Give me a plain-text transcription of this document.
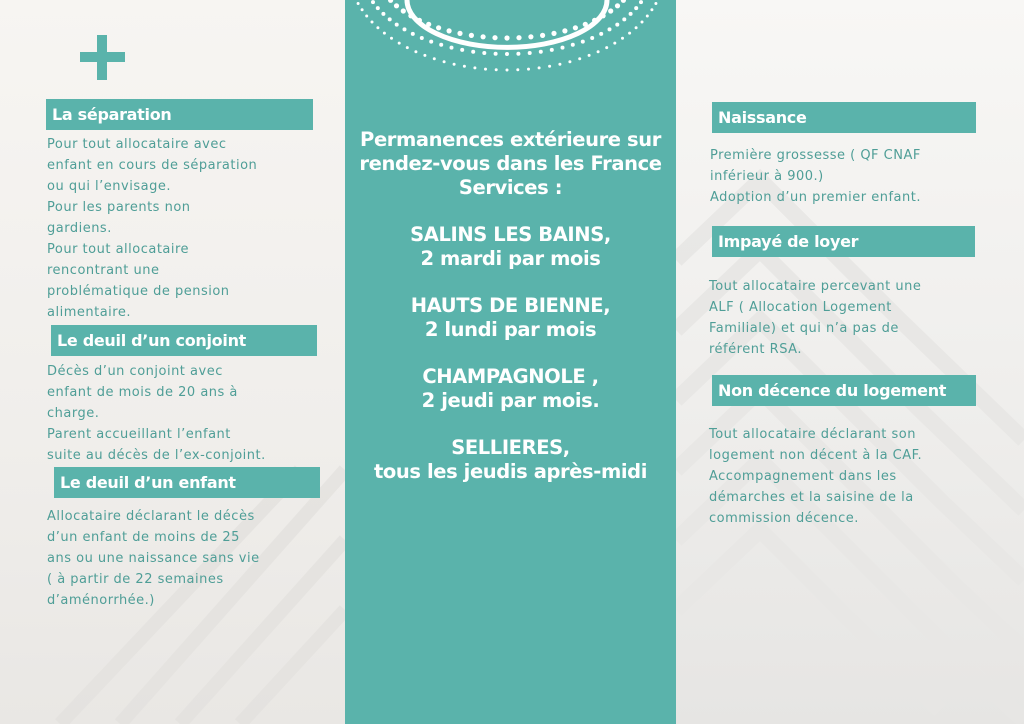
Permanences extérieure sur
rendez-vous dans les France
Services :
SALINS LES BAINS,
2 mardi par mois
HAUTS DE BIENNE,
2 lundi par mois
CHAMPAGNOLE ,
2 jeudi par mois.
SELLIERES,
tous les jeudis après-midi
La séparation

Pour tout allocataire avec
enfant en cours de séparation
ou qui l’envisage.
Pour les parents non
gardiens.
Pour tout allocataire
rencontrant une
problématique de pension
alimentaire.

Le deuil d’un conjoint

Décès d’un conjoint avec
enfant de mois de 20 ans à
charge.
Parent accueillant l’enfant
suite au décès de l’ex-conjoint.

Le deuil d’un enfant

Allocataire déclarant le décès
d’un enfant de moins de 25
ans ou une naissance sans vie
( à partir de 22 semaines
d’aménorrhée.)

Naissance

Première grossesse ( QF CNAF
inférieur à 900.)
Adoption d’un premier enfant.

Impayé de loyer

Tout allocataire percevant une
ALF ( Allocation Logement
Familiale) et qui n’a pas de
référent RSA.

Non décence du logement

Tout allocataire déclarant son
logement non décent à la CAF.
Accompagnement dans les
démarches et la saisine de la
commission décence.
